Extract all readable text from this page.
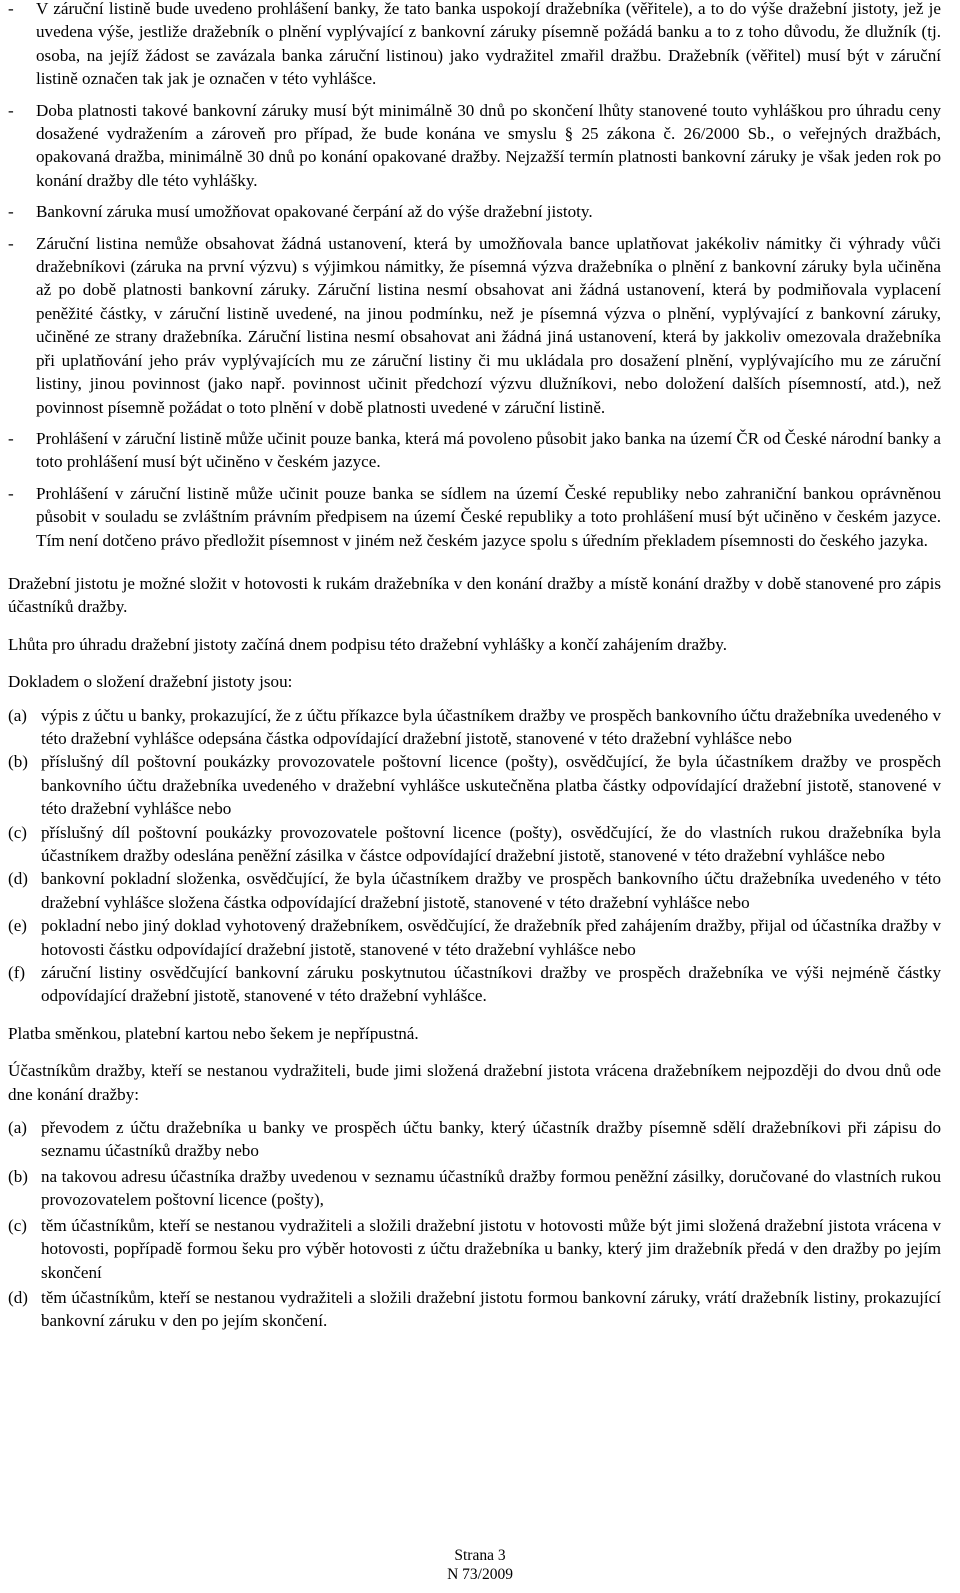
- V záruční listině bude uvedeno prohlášení banky, že tato banka uspokojí dražebníka (věřitele), a to do výše dražební jistoty, jež je uvedena výše, jestliže dražebník o plnění vyplývající z bankovní záruky písemně požádá banku a to z toho důvodu, že dlužník (tj. osoba, na jejíž žádost se zavázala banka záruční listinou) jako vydražitel zmařil dražbu. Dražebník (věřitel) musí být v záruční listině označen tak jak je označen v této vyhlášce.
- Doba platnosti takové bankovní záruky musí být minimálně 30 dnů po skončení lhůty stanovené touto vyhláškou pro úhradu ceny dosažené vydražením a zároveň pro případ, že bude konána ve smyslu § 25 zákona č. 26/2000 Sb., o veřejných dražbách, opakovaná dražba, minimálně 30 dnů po konání opakované dražby. Nejzažší termín platnosti bankovní záruky je však jeden rok po konání dražby dle této vyhlášky.
- Bankovní záruka musí umožňovat opakované čerpání až do výše dražební jistoty.
- Záruční listina nemůže obsahovat žádná ustanovení, která by umožňovala bance uplatňovat jakékoliv námitky či výhrady vůči dražebníkovi (záruka na první výzvu) s výjimkou námitky, že písemná výzva dražebníka o plnění z bankovní záruky byla učiněna až po době platnosti bankovní záruky. Záruční listina nesmí obsahovat ani žádná ustanovení, která by podmiňovala vyplacení peněžité částky, v záruční listině uvedené, na jinou podmínku, než je písemná výzva o plnění, vyplývající z bankovní záruky, učiněné ze strany dražebníka. Záruční listina nesmí obsahovat ani žádná jiná ustanovení, která by jakkoliv omezovala dražebníka při uplatňování jeho práv vyplývajících mu ze záruční listiny či mu ukládala pro dosažení plnění, vyplývajícího mu ze záruční listiny, jinou povinnost (jako např. povinnost učinit předchozí výzvu dlužníkovi, nebo doložení dalších písemností, atd.), než povinnost písemně požádat o toto plnění v době platnosti uvedené v záruční listině.
- Prohlášení v záruční listině může učinit pouze banka, která má povoleno působit jako banka na území ČR od České národní banky a toto prohlášení musí být učiněno v českém jazyce.
- Prohlášení v záruční listině může učinit pouze banka se sídlem na území České republiky nebo zahraniční bankou oprávněnou působit v souladu se zvláštním právním předpisem na území České republiky a toto prohlášení musí být učiněno v českém jazyce. Tím není dotčeno právo předložit písemnost v jiném než českém jazyce spolu s úředním překladem písemnosti do českého jazyka.

Dražební jistotu je možné složit v hotovosti k rukám dražebníka v den konání dražby a místě konání dražby v době stanovené pro zápis účastníků dražby.

Lhůta pro úhradu dražební jistoty začíná dnem podpisu této dražební vyhlášky a končí zahájením dražby.

Dokladem o složení dražební jistoty jsou:

(a) výpis z účtu u banky, prokazující, že z účtu příkazce byla účastníkem dražby ve prospěch bankovního účtu dražebníka uvedeného v této dražební vyhlášce odepsána částka odpovídající dražební jistotě, stanovené v této dražební vyhlášce nebo
(b) příslušný díl poštovní poukázky provozovatele poštovní licence (pošty), osvědčující, že byla účastníkem dražby ve prospěch bankovního účtu dražebníka uvedeného v dražební vyhlášce uskutečněna platba částky odpovídající dražební jistotě, stanovené v této dražební vyhlášce nebo
(c) příslušný díl poštovní poukázky provozovatele poštovní licence (pošty), osvědčující, že do vlastních rukou dražebníka byla účastníkem dražby odeslána peněžní zásilka v částce odpovídající dražební jistotě, stanovené v této dražební vyhlášce nebo
(d) bankovní pokladní složenka, osvědčující, že byla účastníkem dražby ve prospěch bankovního účtu dražebníka uvedeného v této dražební vyhlášce složena částka odpovídající dražební jistotě, stanovené v této dražební vyhlášce nebo
(e) pokladní nebo jiný doklad vyhotovený dražebníkem, osvědčující, že dražebník před zahájením dražby, přijal od účastníka dražby v hotovosti částku odpovídající dražební jistotě, stanovené v této dražební vyhlášce nebo
(f) záruční listiny osvědčující bankovní záruku poskytnutou účastníkovi dražby ve prospěch dražebníka ve výši nejméně částky odpovídající dražební jistotě, stanovené v této dražební vyhlášce.

Platba směnkou, platební kartou nebo šekem je nepřípustná.

Účastníkům dražby, kteří se nestanou vydražiteli, bude jimi složená dražební jistota vrácena dražebníkem nejpozději do dvou dnů ode dne konání dražby:

(a) převodem z účtu dražebníka u banky ve prospěch účtu banky, který účastník dražby písemně sdělí dražebníkovi při zápisu do seznamu účastníků dražby nebo
(b) na takovou adresu účastníka dražby uvedenou v seznamu účastníků dražby formou peněžní zásilky, doručované do vlastních rukou provozovatelem poštovní licence (pošty),
(c) těm účastníkům, kteří se nestanou vydražiteli a složili dražební jistotu v hotovosti může být jimi složená dražební jistota vrácena v hotovosti, popřípadě formou šeku pro výběr hotovosti z účtu dražebníka u banky, který jim dražebník předá v den dražby po jejím skončení
(d) těm účastníkům, kteří se nestanou vydražiteli a složili dražební jistotu formou bankovní záruky, vrátí dražebník listiny, prokazující bankovní záruku v den po jejím skončení.
Strana 3
N 73/2009
